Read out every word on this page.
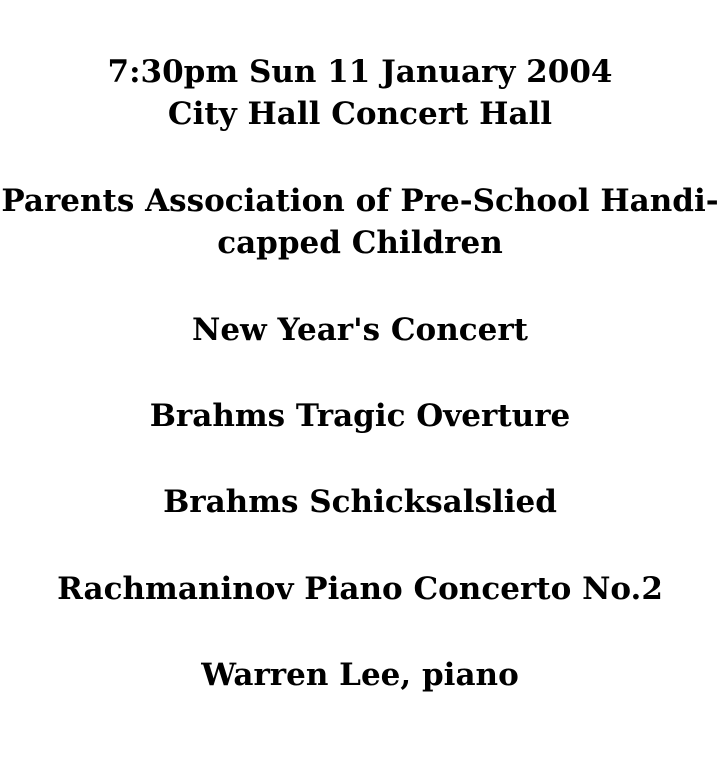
7:30pm Sun 11 January 2004
City Hall Concert Hall
Parents Association of Pre-School Handi-
capped Children
New Year's Concert
Brahms Tragic Overture
Brahms Schicksalslied
Rachmaninov Piano Concerto No.2
Warren Lee, piano
